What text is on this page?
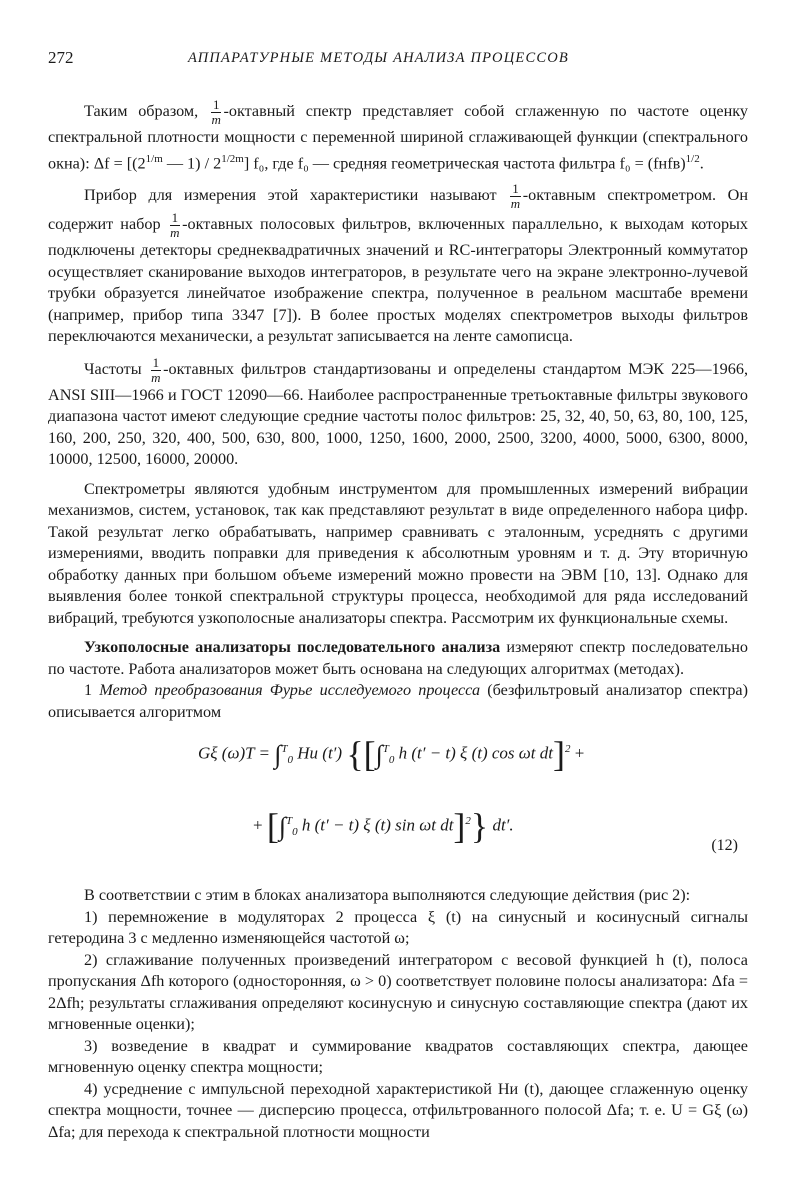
272	АППАРАТУРНЫЕ МЕТОДЫ АНАЛИЗА ПРОЦЕССОВ

Таким образом, $\frac{1}{m}$ -октавный спектр представляет собой сглаженную по частоте оценку спектральной плотности мощности с переменной шириной сглаживающей функции (спектрального окна): $\Delta f = [(2^{1/m}$ — $1) / 2^{1/2m}$] f₀, где f₀ — средняя геометрическая частота фильтра f₀ = (fнfв)$^{1/2}$.

Прибор для измерения этой характеристики называют $\frac{1}{m}$ -октавным спектрометром. Он содержит набор $\frac{1}{m}$ -октавных полосовых фильтров, включенных параллельно, к выходам которых подключены детекторы среднеквадратичных значений и RC-интеграторы Электронный коммутатор осуществляет сканирование выходов интеграторов, в результате чего на экране электронно-лучевой трубки образуется линейчатое изображение спектра, полученное в реальном масштабе времени (например, прибор типа 3347 [7]). В более простых моделях спектрометров выходы фильтров переключаются механически, а результат записывается на ленте самописца.

Частоты $\frac{1}{m}$ -октавных фильтров стандартизованы и определены стандартом МЭК 225—1966, ANSI SIII—1966 и ГОСТ 12090—66. Наиболее распространенные третьоктавные фильтры звукового диапазона частот имеют следующие средние частоты полос фильтров: 25, 32, 40, 50, 63, 80, 100, 125, 160, 200, 250, 320, 400, 500, 630, 800, 1000, 1250, 1600, 2000, 2500, 3200, 4000, 5000, 6300, 8000, 10000, 12500, 16000, 20000.

Спектрометры являются удобным инструментом для промышленных измерений вибрации механизмов, систем, установок, так как представляют результат в виде определенного набора цифр. Такой результат легко обрабатывать, например сравнивать с эталонным, усреднять с другими измерениями, вводить поправки для приведения к абсолютным уровням и т. д. Эту вторичную обработку данных при большом объеме измерений можно провести на ЭВМ [10, 13]. Однако для выявления более тонкой спектральной структуры процесса, необходимой для ряда исследований вибраций, требуются узкополосные анализаторы спектра. Рассмотрим их функциональные схемы.

Узкополосные анализаторы последовательного анализа измеряют спектр последовательно по частоте. Работа анализаторов может быть основана на следующих алгоритмах (методах).

1 Метод преобразования Фурье исследуемого процесса (безфильтровый анализатор спектра) описывается алгоритмом

Gξ (ω)T = ∫$^T_0$ Hи (t′) {[∫$^T_0$ h (t′ − t) ξ (t) cos ωt dt]$^2$ +
+ [∫$^T_0$ h (t′ − t) ξ (t) sin ωt dt]$^2$} dt′.
(12)

В соответствии с этим в блоках анализатора выполняются следующие действия (рис 2):

1) перемножение в модуляторах 2 процесса ξ (t) на синусный и косинусный сигналы гетеродина 3 с медленно изменяющейся частотой ω;

2) сглаживание полученных произведений интегратором с весовой функцией h (t), полоса пропускания Δfh которого (односторонняя, ω > 0) соответствует половине полосы анализатора: Δfа = 2Δfh; результаты сглаживания определяют косинусную и синусную составляющие спектра (дают их мгновенные оценки);

3) возведение в квадрат и суммирование квадратов составляющих спектра, дающее мгновенную оценку спектра мощности;

4) усреднение с импульсной переходной характеристикой Hи (t), дающее сглаженную оценку спектра мощности, точнее — дисперсию процесса, отфильтрованного полосой Δfа; т. е. U = Gξ (ω) Δfа; для перехода к спектральной плотности мощности
